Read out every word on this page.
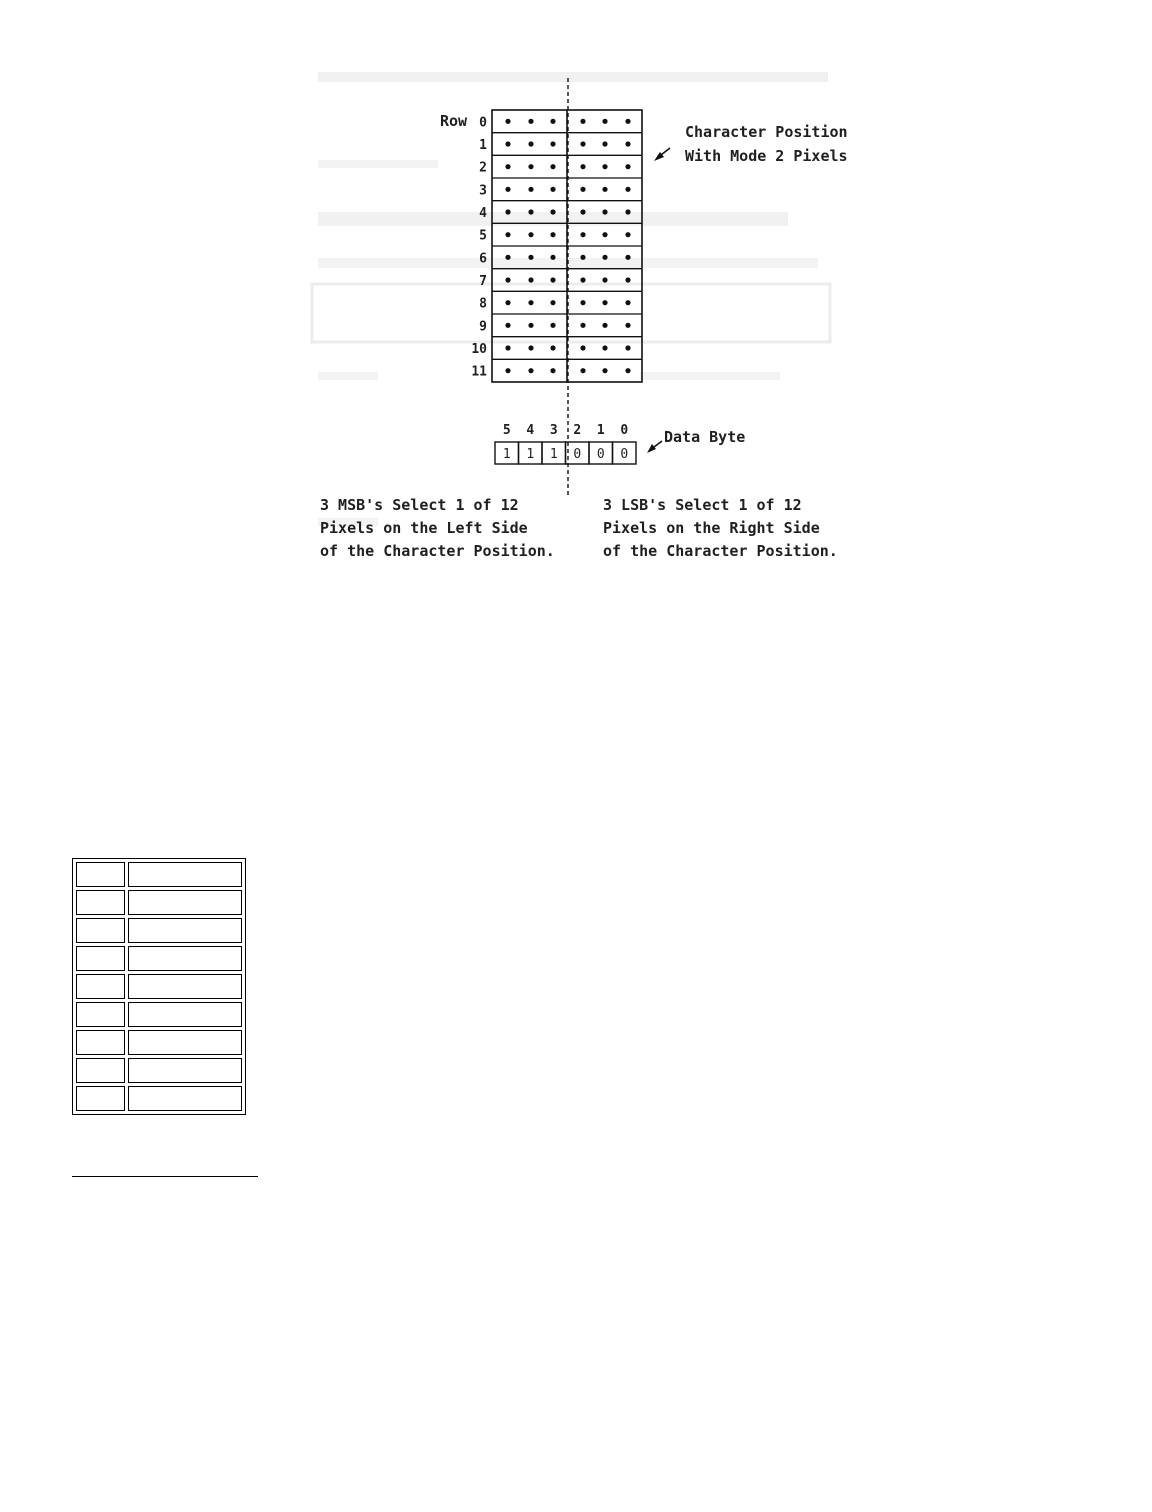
Row 0
1
2
3
4
5
6
7
8
9
10
11
Character Position
With Mode 2 Pixels
5 4 3 2 1 0
1 1 1 0 0 0
Data Byte
3 MSB's Select 1 of 12
Pixels on the Left Side
of the Character Position.
3 LSB's Select 1 of 12
Pixels on the Right Side
of the Character Position.
